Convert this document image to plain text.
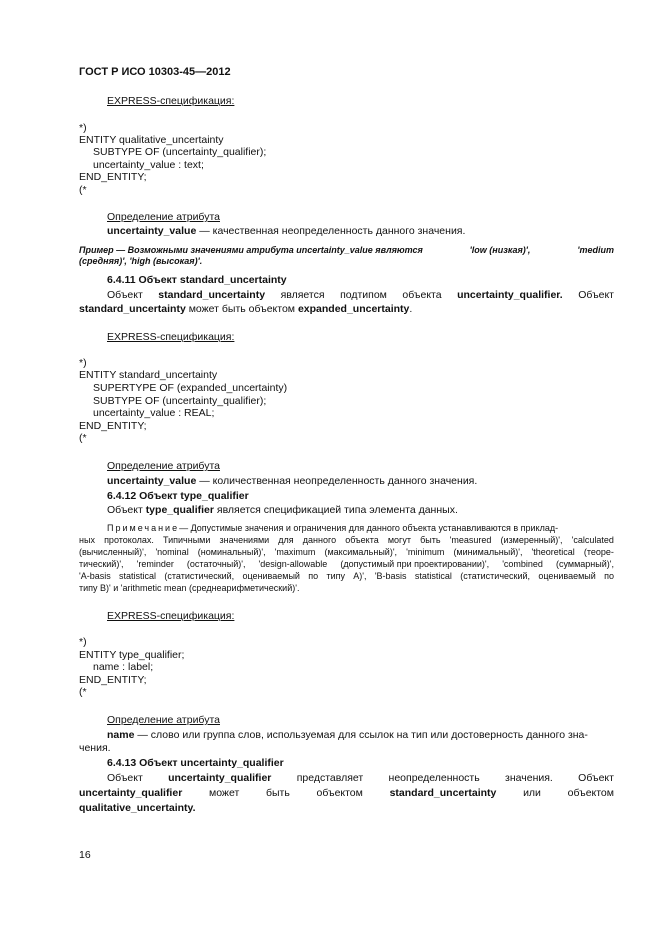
ГОСТ Р ИСО 10303-45—2012
EXPRESS-спецификация:
*)
ENTITY qualitative_uncertainty
SUBTYPE OF (uncertainty_qualifier);
uncertainty_value : text;
END_ENTITY;
(*
Определение атрибута
uncertainty_value — качественная неопределенность данного значения.
Пример — Возможными значениями атрибута uncertainty_value являются	'low (низкая)',	'medium
(средняя)', 'high (высокая)'.
6.4.11 Объект standard_uncertainty
Объект standard_uncertainty является подтипом объекта uncertainty_qualifier. Объект
standard_uncertainty может быть объектом expanded_uncertainty.
EXPRESS-спецификация:
*)
ENTITY standard_uncertainty
SUPERTYPE OF (expanded_uncertainty)
SUBTYPE OF (uncertainty_qualifier);
uncertainty_value : REAL;
END_ENTITY;
(*
Определение атрибута
uncertainty_value — количественная неопределенность данного значения.
6.4.12 Объект type_qualifier
Объект type_qualifier является спецификацией типа элемента данных.
Примечание— Допустимые значения и ограничения для данного объекта устанавливаются в приклад-
ных протоколах. Типичными значениями для данного объекта могут быть 'measured (измеренный)', 'calculated
(вычисленный)', 'nominal (номинальный)', 'maximum (максимальный)', 'minimum (минимальный)', 'theoretical (теоре-
тический)', 'reminder (остаточный)', 'design-allowable (допустимый при проектировании)', 'combined (суммарный)',
'A-basis statistical (статистический, оцениваемый по типу A)', 'B-basis statistical (статистический, оцениваемый по
типу B)' и 'arithmetic mean (среднеарифметический)'.
EXPRESS-спецификация:
*)
ENTITY type_qualifier;
name : label;
END_ENTITY;
(*
Определение атрибута
name — слово или группа слов, используемая для ссылок на тип или достоверность данного зна-
чения.
6.4.13 Объект uncertainty_qualifier
Объект uncertainty_qualifier представляет неопределенность значения. Объект
uncertainty_qualifier	может	быть	объектом	standard_uncertainty	или	объектом
qualitative_uncertainty.
16
